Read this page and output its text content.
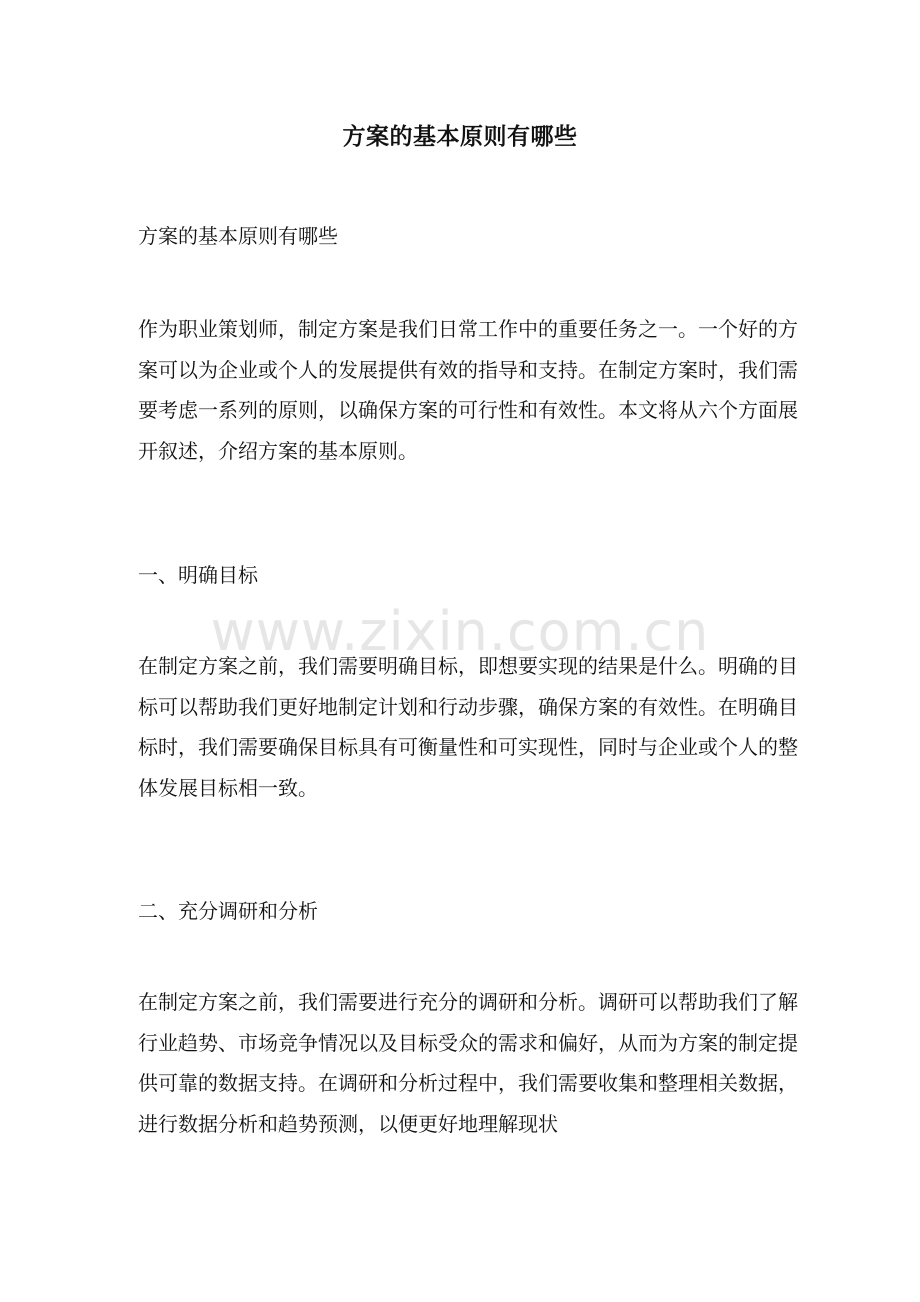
方案的基本原则有哪些

方案的基本原则有哪些

作为职业策划师，制定方案是我们日常工作中的重要任务之一。一个好的方案可以为企业或个人的发展提供有效的指导和支持。在制定方案时，我们需要考虑一系列的原则，以确保方案的可行性和有效性。本文将从六个方面展开叙述，介绍方案的基本原则。

一、明确目标

在制定方案之前，我们需要明确目标，即想要实现的结果是什么。明确的目标可以帮助我们更好地制定计划和行动步骤，确保方案的有效性。在明确目标时，我们需要确保目标具有可衡量性和可实现性，同时与企业或个人的整体发展目标相一致。

二、充分调研和分析

在制定方案之前，我们需要进行充分的调研和分析。调研可以帮助我们了解行业趋势、市场竞争情况以及目标受众的需求和偏好，从而为方案的制定提供可靠的数据支持。在调研和分析过程中，我们需要收集和整理相关数据，进行数据分析和趋势预测，以便更好地理解现状

www.zixin.com.cn
